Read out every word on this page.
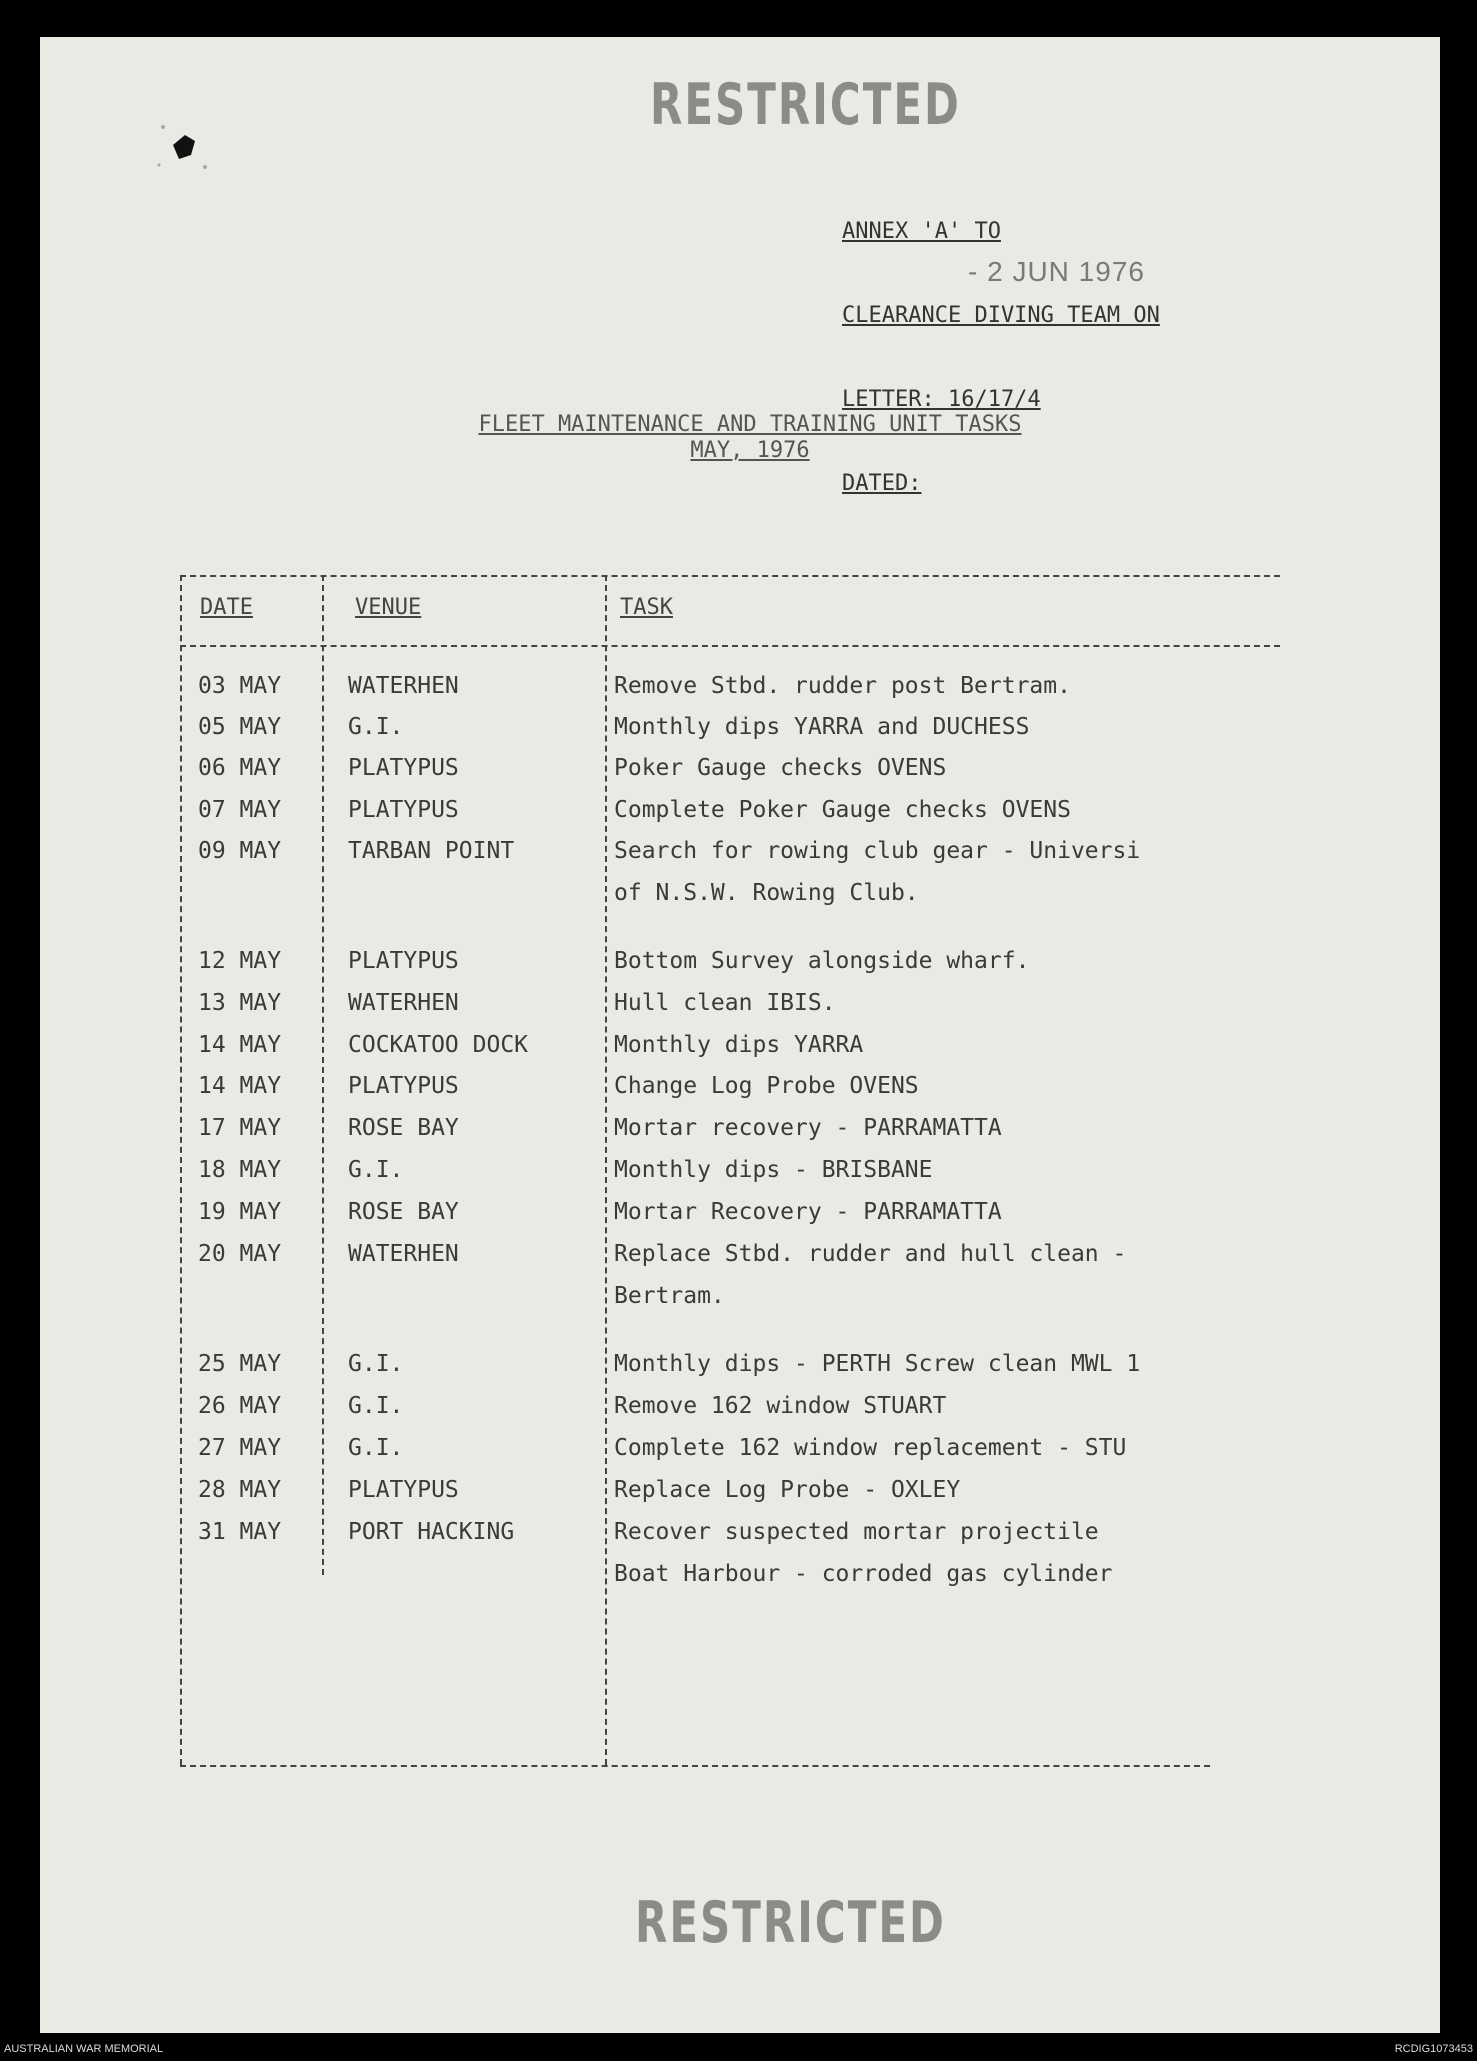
RESTRICTED

ANNEX 'A' TO

CLEARANCE DIVING TEAM ON

LETTER: 16/17/4

DATED:

- 2 JUN 1976
FLEET MAINTENANCE AND TRAINING UNIT TASKS
MAY, 1976
DATE	VENUE	TASK
03 MAY	WATERHEN	Remove Stbd. rudder post Bertram.
05 MAY	G.I.	Monthly dips YARRA and DUCHESS
06 MAY	PLATYPUS	Poker Gauge checks OVENS
07 MAY	PLATYPUS	Complete Poker Gauge checks OVENS
09 MAY	TARBAN POINT	Search for rowing club gear - Universi
of N.S.W. Rowing Club.
12 MAY	PLATYPUS	Bottom Survey alongside wharf.
13 MAY	WATERHEN	Hull clean IBIS.
14 MAY	COCKATOO DOCK	Monthly dips YARRA
14 MAY	PLATYPUS	Change Log Probe OVENS
17 MAY	ROSE BAY	Mortar recovery - PARRAMATTA
18 MAY	G.I.	Monthly dips - BRISBANE
19 MAY	ROSE BAY	Mortar Recovery - PARRAMATTA
20 MAY	WATERHEN	Replace Stbd. rudder and hull clean -
Bertram.
25 MAY	G.I.	Monthly dips - PERTH Screw clean MWL 1
26 MAY	G.I.	Remove 162 window STUART
27 MAY	G.I.	Complete 162 window replacement - STU
28 MAY	PLATYPUS	Replace Log Probe - OXLEY
31 MAY	PORT HACKING	Recover suspected mortar projectile
Boat Harbour - corroded gas cylinder
RESTRICTED
AUSTRALIAN WAR MEMORIAL	RCDIG1073453
